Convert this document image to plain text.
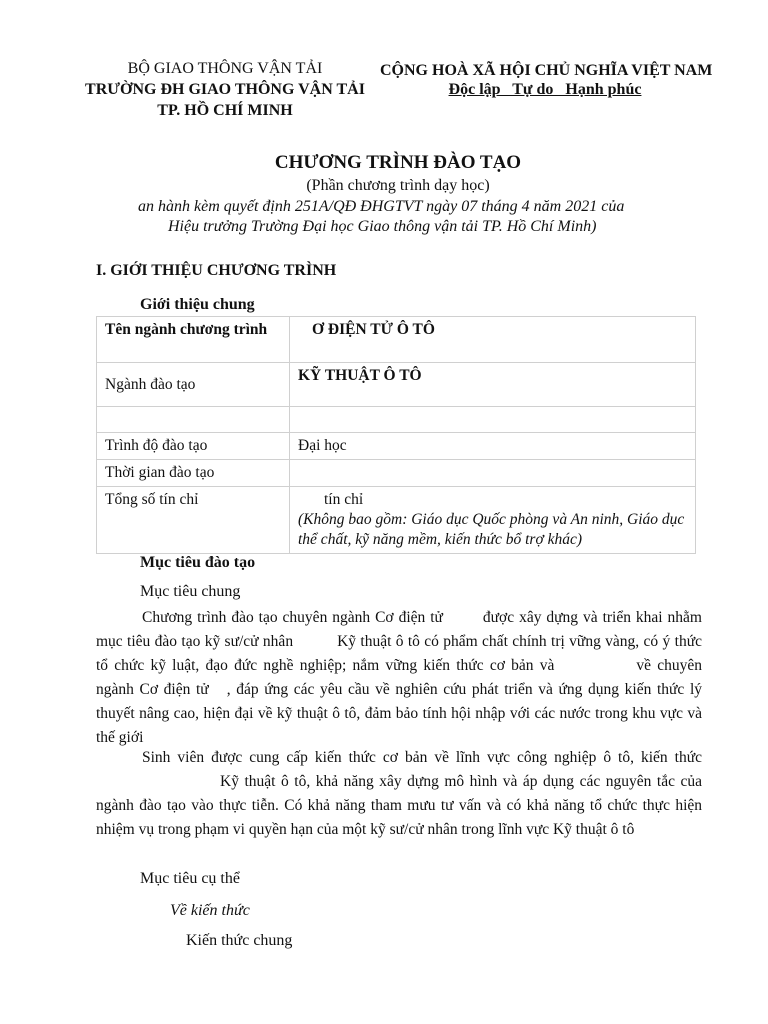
BỘ GIAO THÔNG VẬN TẢI
TRƯỜNG ĐH GIAO THÔNG VẬN TẢI
TP. HỒ CHÍ MINH
CỘNG HOÀ XÃ HỘI CHỦ NGHĨA VIỆT NAM
Độc lập   Tự do   Hạnh phúc
CHƯƠNG TRÌNH ĐÀO TẠO
(Phần chương trình dạy học)
an hành kèm quyết định 251A/QĐ ĐHGTVT ngày 07 tháng 4 năm 2021 của
Hiệu trưởng Trường Đại học Giao thông vận tải TP. Hồ Chí Minh)
I. GIỚI THIỆU CHƯƠNG TRÌNH
Giới thiệu chung
Tên ngành chương trình	Ơ ĐIỆN TỬ Ô TÔ
Ngành đào tạo	KỸ THUẬT Ô TÔ

Trình độ đào tạo	Đại học
Thời gian đào tạo	
Tổng số tín chỉ	tín chỉ
(Không bao gồm: Giáo dục Quốc phòng và An ninh, Giáo dục thể chất, kỹ năng mềm, kiến thức bổ trợ khác)
Mục tiêu đào tạo
Mục tiêu chung
Chương trình đào tạo chuyên ngành Cơ điện tử	được xây dựng và triển khai nhằm mục tiêu đào tạo kỹ sư/cử nhân	Kỹ thuật ô tô có phẩm chất chính trị vững vàng, có ý thức tổ chức kỹ luật, đạo đức nghề nghiệp; nắm vững kiến thức cơ bản và	về chuyên ngành Cơ điện tử , đáp ứng các yêu cầu về nghiên cứu phát triển và ứng dụng kiến thức lý thuyết nâng cao, hiện đại về kỹ thuật ô tô, đảm bảo tính hội nhập với các nước trong khu vực và thế giới
Sinh viên được cung cấp kiến thức cơ bản về lĩnh vực công nghiệp ô tô, kiến thứcKỹ thuật ô tô, khả năng xây dựng mô hình và áp dụng các nguyên tắc của ngành đào tạo vào thực tiễn. Có khả năng tham mưu tư vấn và có khả năng tổ chức thực hiện nhiệm vụ trong phạm vi quyền hạn của một kỹ sư/cử nhân trong lĩnh vực Kỹ thuật ô tô
Mục tiêu cụ thể
Về kiến thức
Kiến thức chung
